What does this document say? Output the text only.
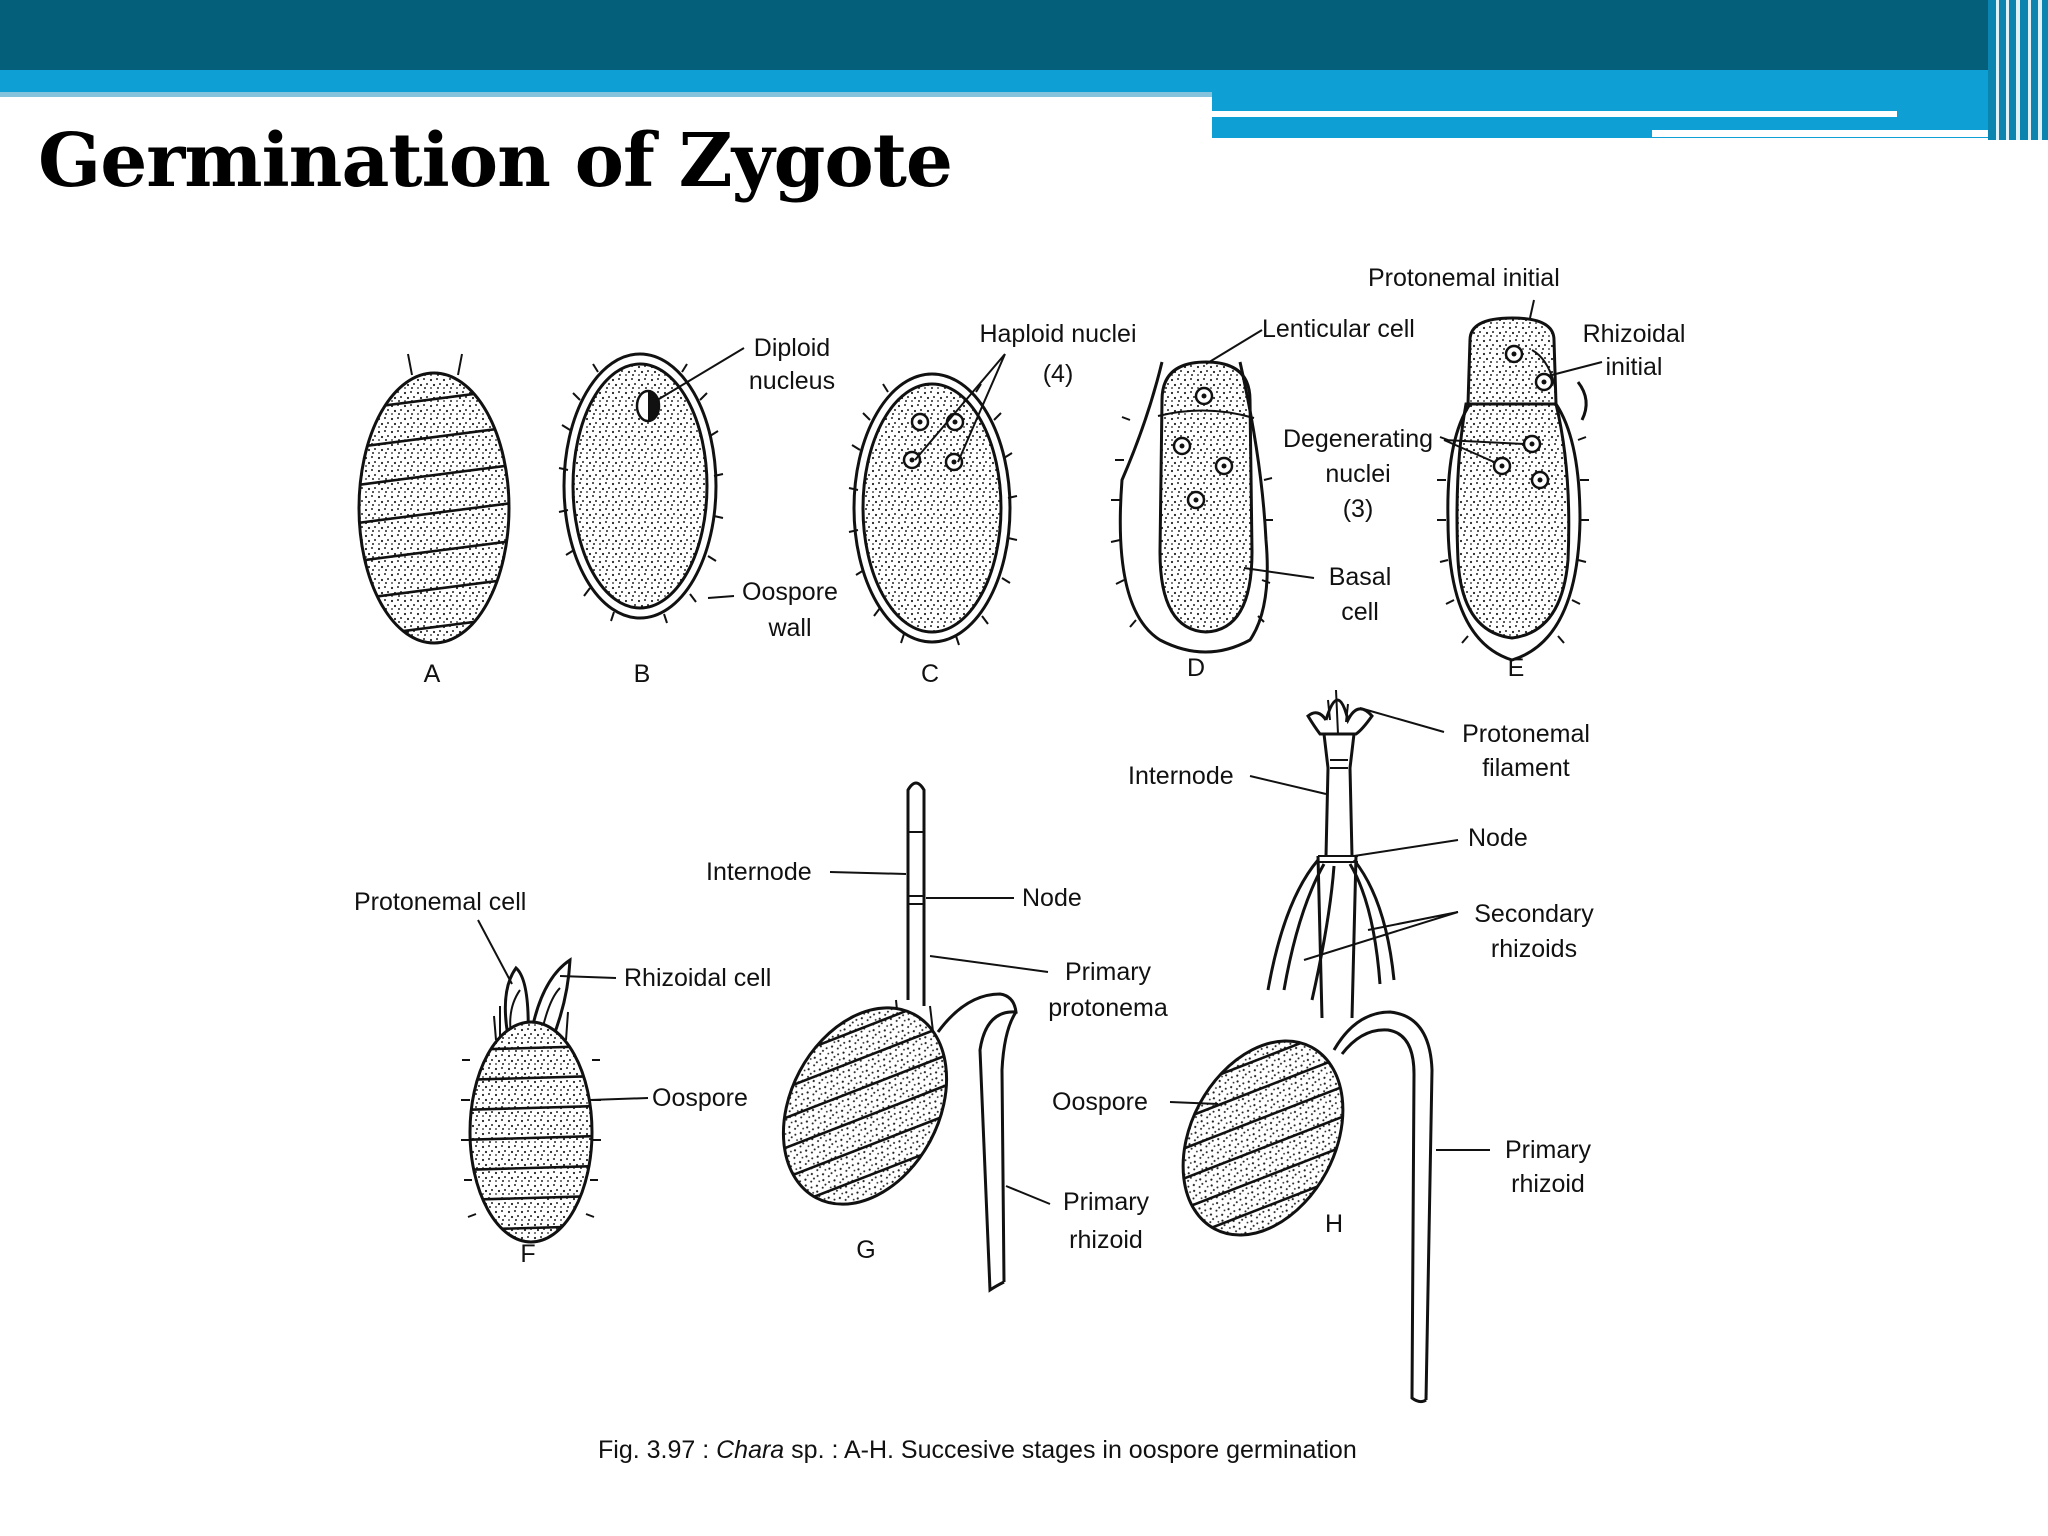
Germination of Zygote
Diploid nucleus
Oospore wall
Haploid nuclei (4)
Lenticular cell
Degenerating nuclei (3)
Basal cell
Protonemal initial
Rhizoidal initial
Protonemal cell
Rhizoidal cell
Oospore
Internode
Node
Primary protonema
Primary rhizoid
Internode
Protonemal filament
Node
Secondary rhizoids
Oospore
Primary rhizoid
A	B	C	D	E
F	G
H
Fig. 3.97 : Chara sp. : A-H. Succesive stages in oospore germination
